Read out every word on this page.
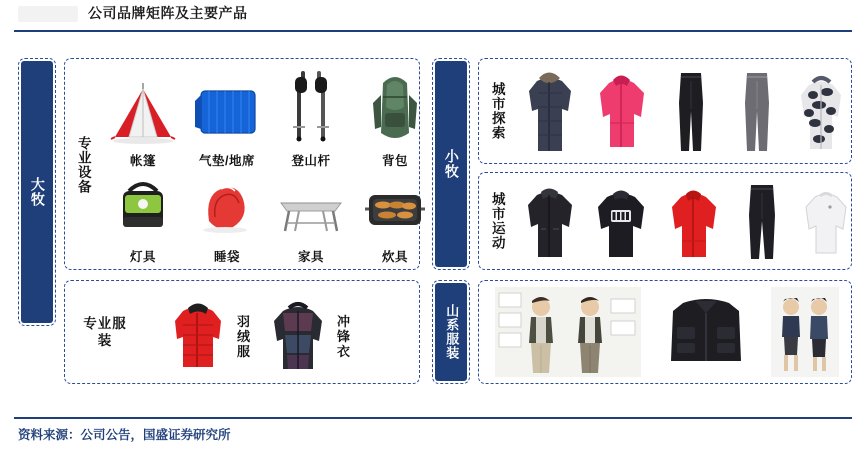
公司品牌矩阵及主要产品
大牧	专业设备	帐篷	气垫/地席	登山杆	背包
灯具	睡袋	家具	炊具
专业服装
羽绒服
冲锋衣
小牧
城市探索
城市运动
山系服装
资料来源：公司公告，国盛证券研究所
